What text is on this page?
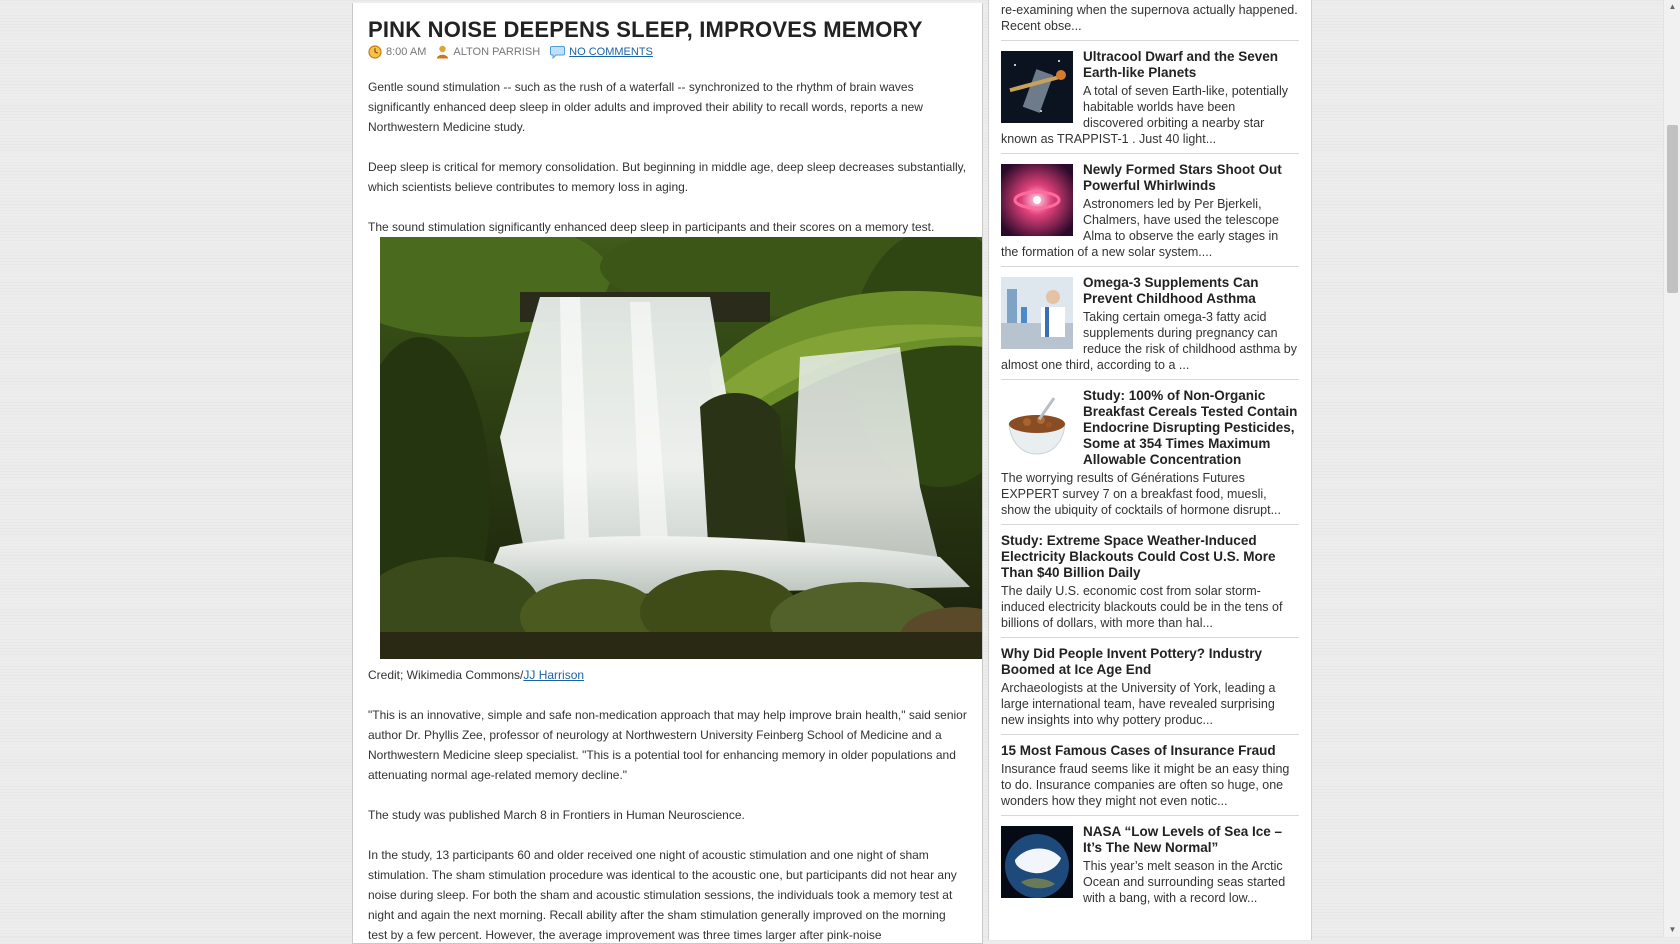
PINK NOISE DEEPENS SLEEP, IMPROVES MEMORY
8:00 AM ALTON PARRISH	NO COMMENTS

Gentle sound stimulation -- such as the rush of a waterfall -- synchronized to the rhythm of brain waves significantly enhanced deep sleep in older adults and improved their ability to recall words, reports a new Northwestern Medicine study.

Deep sleep is critical for memory consolidation. But beginning in middle age, deep sleep decreases substantially, which scientists believe contributes to memory loss in aging.

The sound stimulation significantly enhanced deep sleep in participants and their scores on a memory test.

Credit; Wikimedia Commons/JJ Harrison

"This is an innovative, simple and safe non-medication approach that may help improve brain health," said senior author Dr. Phyllis Zee, professor of neurology at Northwestern University Feinberg School of Medicine and a Northwestern Medicine sleep specialist. "This is a potential tool for enhancing memory in older populations and attenuating normal age-related memory decline."

The study was published March 8 in Frontiers in Human Neuroscience.

In the study, 13 participants 60 and older received one night of acoustic stimulation and one night of sham stimulation. The sham stimulation procedure was identical to the acoustic one, but participants did not hear any noise during sleep. For both the sham and acoustic stimulation sessions, the individuals took a memory test at night and again the next morning. Recall ability after the sham stimulation generally improved on the morning test by a few percent. However, the average improvement was three times larger after pink-noise

re-examining when the supernova actually happened. Recent obse...
Ultracool Dwarf and the Seven Earth-like Planets
A total of seven Earth-like, potentially habitable worlds have been discovered orbiting a nearby star known as TRAPPIST-1 . Just 40 light...
Newly Formed Stars Shoot Out Powerful Whirlwinds
Astronomers led by Per Bjerkeli, Chalmers, have used the telescope Alma to observe the early stages in the formation of a new solar system....
Omega-3 Supplements Can Prevent Childhood Asthma
Taking certain omega-3 fatty acid supplements during pregnancy can reduce the risk of childhood asthma by almost one third, according to a ...
Study: 100% of Non-Organic Breakfast Cereals Tested Contain Endocrine Disrupting Pesticides, Some at 354 Times Maximum Allowable Concentration
The worrying results of Générations Futures EXPPERT survey 7 on a breakfast food, muesli, show the ubiquity of cocktails of hormone disrupt...
Study: Extreme Space Weather-Induced Electricity Blackouts Could Cost U.S. More Than $40 Billion Daily
The daily U.S. economic cost from solar storm-induced electricity blackouts could be in the tens of billions of dollars, with more than hal...
Why Did People Invent Pottery? Industry Boomed at Ice Age End
Archaeologists at the University of York, leading a large international team, have revealed surprising new insights into why pottery produc...
15 Most Famous Cases of Insurance Fraud
Insurance fraud seems like it might be an easy thing to do. Insurance companies are often so huge, one wonders how they might not even notic...
NASA “Low Levels of Sea Ice – It’s The New Normal”
This year’s melt season in the Arctic Ocean and surrounding seas started with a bang, with a record low...
▲
▼
